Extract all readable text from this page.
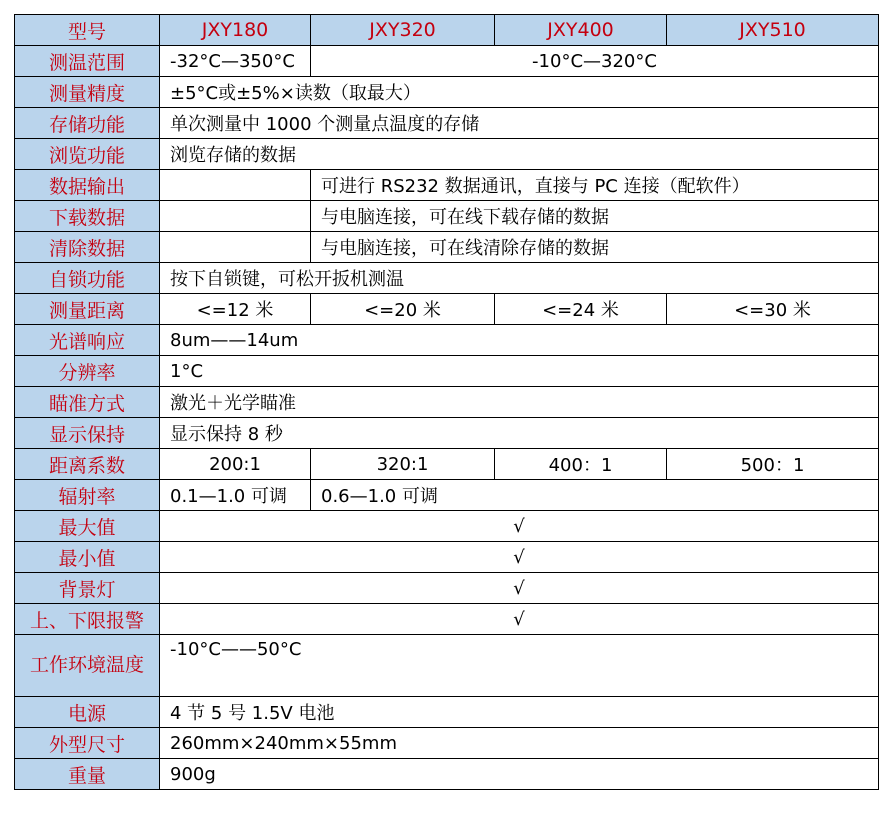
型号	JXY180	JXY320	JXY400	JXY510
测温范围	-32°C—350°C	-10°C—320°C		
测量精度	±5°C或±5%×读数（取最大）			
存储功能	单次测量中 1000 个测量点温度的存储			
浏览功能	浏览存储的数据			
数据输出		可进行 RS232 数据通讯，直接与 PC 连接（配软件）		
下载数据		与电脑连接，可在线下载存储的数据		
清除数据		与电脑连接，可在线清除存储的数据		
自锁功能	按下自锁键，可松开扳机测温			
测量距离	<=12 米	<=20 米	<=24 米	<=30 米
光谱响应	8um——14um			
分辨率	1°C			
瞄准方式	激光＋光学瞄准			
显示保持	显示保持 8 秒			
距离系数	200:1	320:1	400：1	500：1
辐射率	0.1—1.0 可调	0.6—1.0 可调		
最大值	√			
最小值	√			
背景灯	√			
上、下限报警	√			
工作环境温度	-10°C——50°C			
电源	4 节 5 号 1.5V 电池			
外型尺寸	260mm×240mm×55mm			
重量	900g			
